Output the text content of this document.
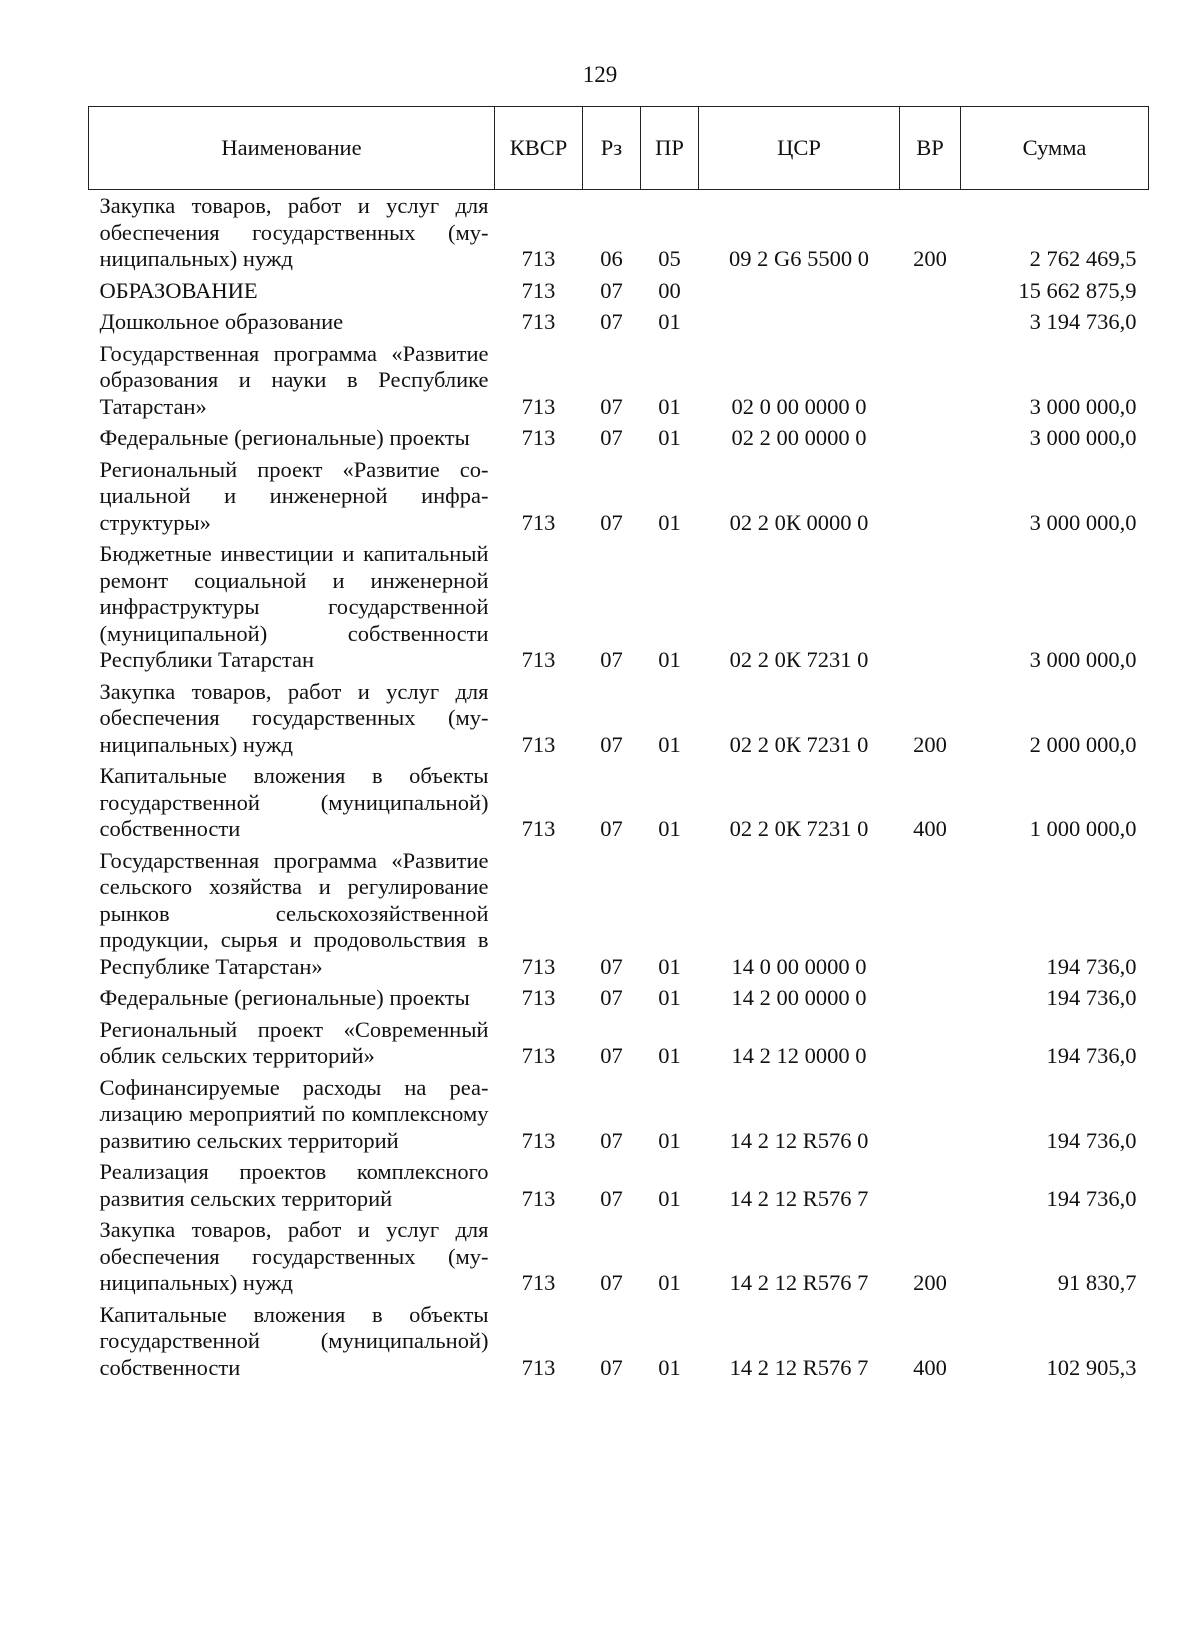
129
Наименование	КВСР	Рз	ПР	ЦСР	ВР	Сумма
Закупка товаров, работ и услуг для обеспечения государственных (муниципальных) нужд	713	06	05	09 2 G6 5500 0	200	2 762 469,5
ОБРАЗОВАНИЕ	713	07	00			15 662 875,9
Дошкольное образование	713	07	01			3 194 736,0
Государственная программа «Развитие образования и науки в Республике Татарстан»	713	07	01	02 0 00 0000 0		3 000 000,0
Федеральные (региональные) проекты	713	07	01	02 2 00 0000 0		3 000 000,0
Региональный проект «Развитие социальной и инженерной инфраструктуры»	713	07	01	02 2 0К 0000 0		3 000 000,0
Бюджетные инвестиции и капитальный ремонт социальной и инженерной инфраструктуры государственной (муниципальной) собственности Республики Татарстан	713	07	01	02 2 0К 7231 0		3 000 000,0
Закупка товаров, работ и услуг для обеспечения государственных (муниципальных) нужд	713	07	01	02 2 0К 7231 0	200	2 000 000,0
Капитальные вложения в объекты государственной (муниципальной) собственности	713	07	01	02 2 0К 7231 0	400	1 000 000,0
Государственная программа «Развитие сельского хозяйства и регулирование рынков сельскохозяйственной продукции, сырья и продовольствия в Республике Татарстан»	713	07	01	14 0 00 0000 0		194 736,0
Федеральные (региональные) проекты	713	07	01	14 2 00 0000 0		194 736,0
Региональный проект «Современный облик сельских территорий»	713	07	01	14 2 12 0000 0		194 736,0
Софинансируемые расходы на реализацию мероприятий по комплексному развитию сельских территорий	713	07	01	14 2 12 R576 0		194 736,0
Реализация проектов комплексного развития сельских территорий	713	07	01	14 2 12 R576 7		194 736,0
Закупка товаров, работ и услуг для обеспечения государственных (муниципальных) нужд	713	07	01	14 2 12 R576 7	200	91 830,7
Капитальные вложения в объекты государственной (муниципальной) собственности	713	07	01	14 2 12 R576 7	400	102 905,3
